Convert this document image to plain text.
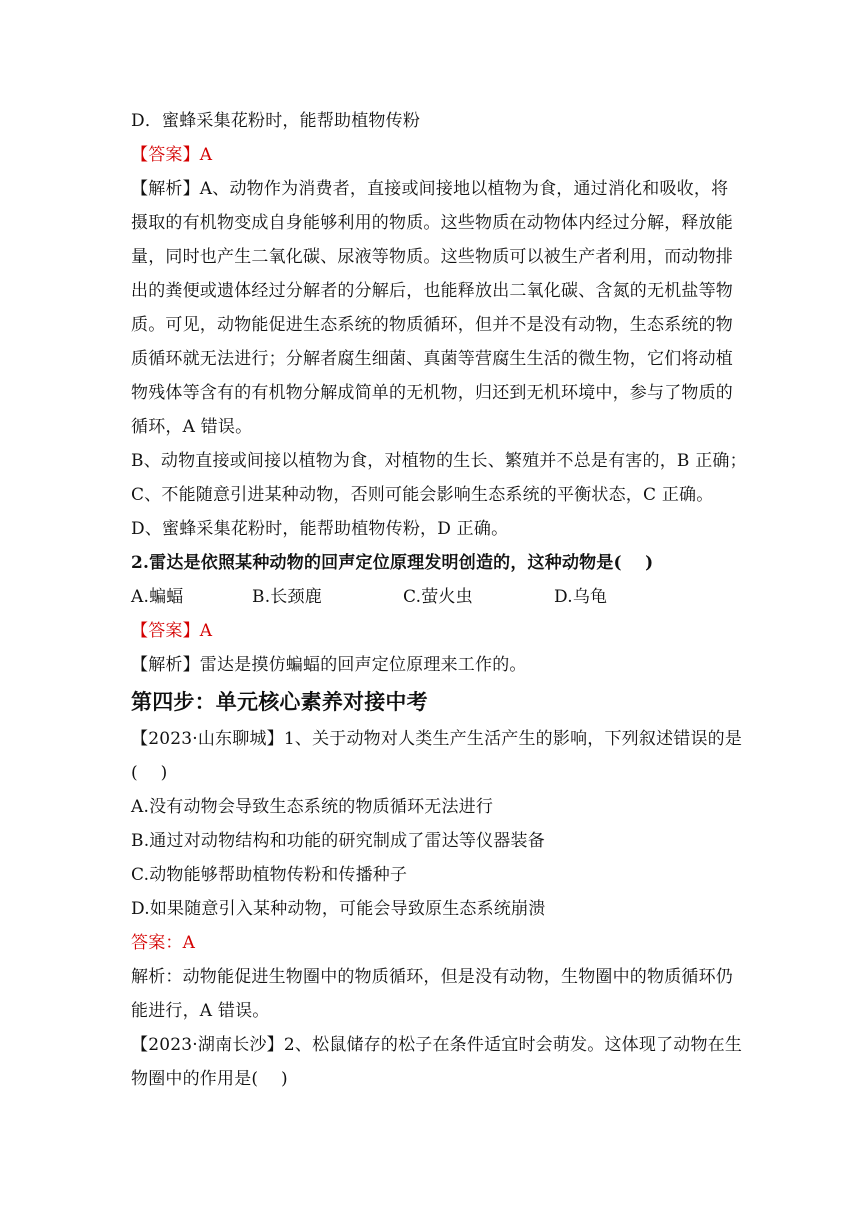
D．蜜蜂采集花粉时，能帮助植物传粉
【答案】A
【解析】A、动物作为消费者，直接或间接地以植物为食，通过消化和吸收，将
摄取的有机物变成自身能够利用的物质。这些物质在动物体内经过分解，释放能
量，同时也产生二氧化碳、尿液等物质。这些物质可以被生产者利用，而动物排
出的粪便或遗体经过分解者的分解后，也能释放出二氧化碳、含氮的无机盐等物
质。可见，动物能促进生态系统的物质循环，但并不是没有动物，生态系统的物
质循环就无法进行；分解者腐生细菌、真菌等营腐生生活的微生物，它们将动植
物残体等含有的有机物分解成简单的无机物，归还到无机环境中，参与了物质的
循环，A 错误。
B、动物直接或间接以植物为食，对植物的生长、繁殖并不总是有害的，B 正确；
C、不能随意引进某种动物，否则可能会影响生态系统的平衡状态，C 正确。
D、蜜蜂采集花粉时，能帮助植物传粉，D 正确。
2.雷达是依照某种动物的回声定位原理发明创造的，这种动物是(　 )
A.蝙蝠	B.长颈鹿	C.萤火虫	D.乌龟
【答案】A
【解析】雷达是摸仿蝙蝠的回声定位原理来工作的。
第四步：单元核心素养对接中考
【2023·山东聊城】1、关于动物对人类生产生活产生的影响，下列叙述错误的是
(　 )
A.没有动物会导致生态系统的物质循环无法进行
B.通过对动物结构和功能的研究制成了雷达等仪器装备
C.动物能够帮助植物传粉和传播种子
D.如果随意引入某种动物，可能会导致原生态系统崩溃
答案：A
解析：动物能促进生物圈中的物质循环，但是没有动物，生物圈中的物质循环仍
能进行，A 错误。
【2023·湖南长沙】2、松鼠储存的松子在条件适宜时会萌发。这体现了动物在生
物圈中的作用是(　 )
